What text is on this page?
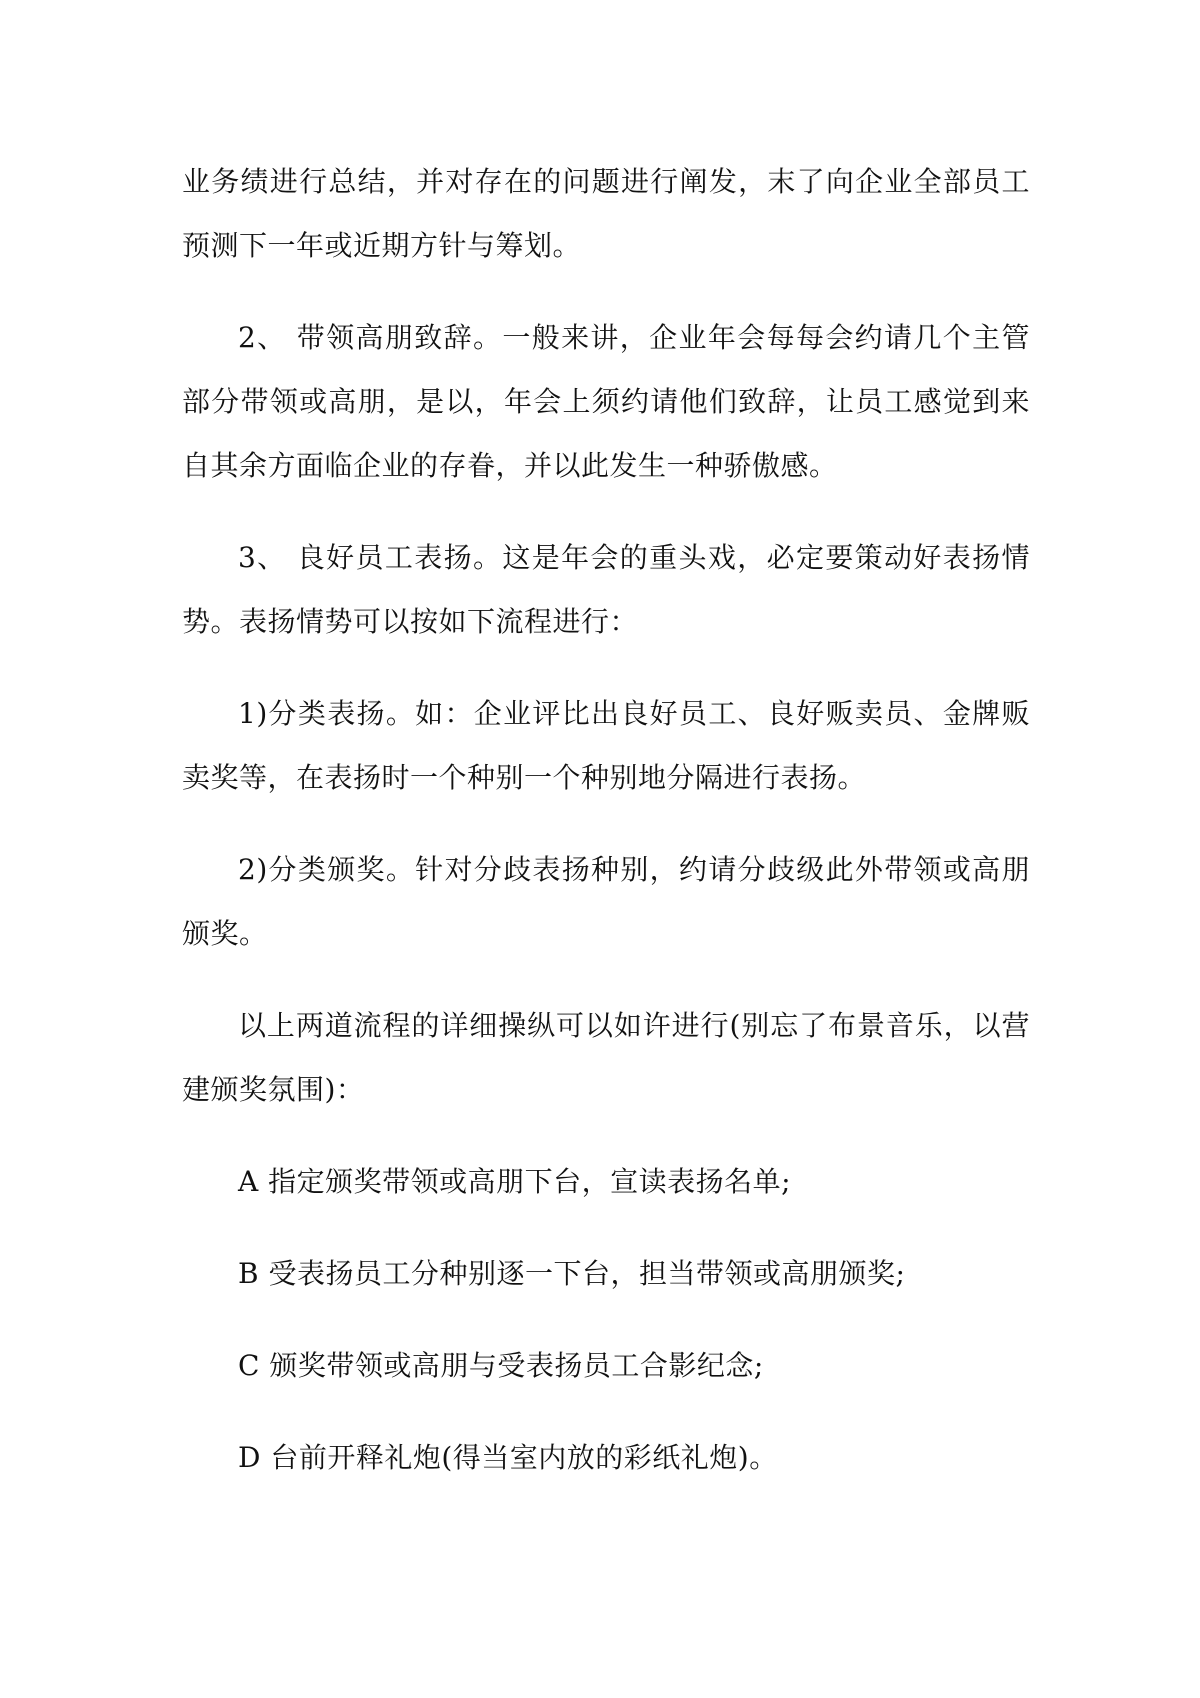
业务绩进行总结，并对存在的问题进行阐发，末了向企业全部员工预测下一年或近期方针与筹划。

2、 带领高朋致辞。一般来讲，企业年会每每会约请几个主管部分带领或高朋，是以，年会上须约请他们致辞，让员工感觉到来自其余方面临企业的存眷，并以此发生一种骄傲感。

3、 良好员工表扬。这是年会的重头戏，必定要策动好表扬情势。表扬情势可以按如下流程进行：

1)分类表扬。如：企业评比出良好员工、良好贩卖员、金牌贩卖奖等，在表扬时一个种别一个种别地分隔进行表扬。

2)分类颁奖。针对分歧表扬种别，约请分歧级此外带领或高朋颁奖。

以上两道流程的详细操纵可以如许进行(别忘了布景音乐，以营建颁奖氛围)：

A 指定颁奖带领或高朋下台，宣读表扬名单;

B 受表扬员工分种别逐一下台，担当带领或高朋颁奖;

C 颁奖带领或高朋与受表扬员工合影纪念;

D 台前开释礼炮(得当室内放的彩纸礼炮)。
